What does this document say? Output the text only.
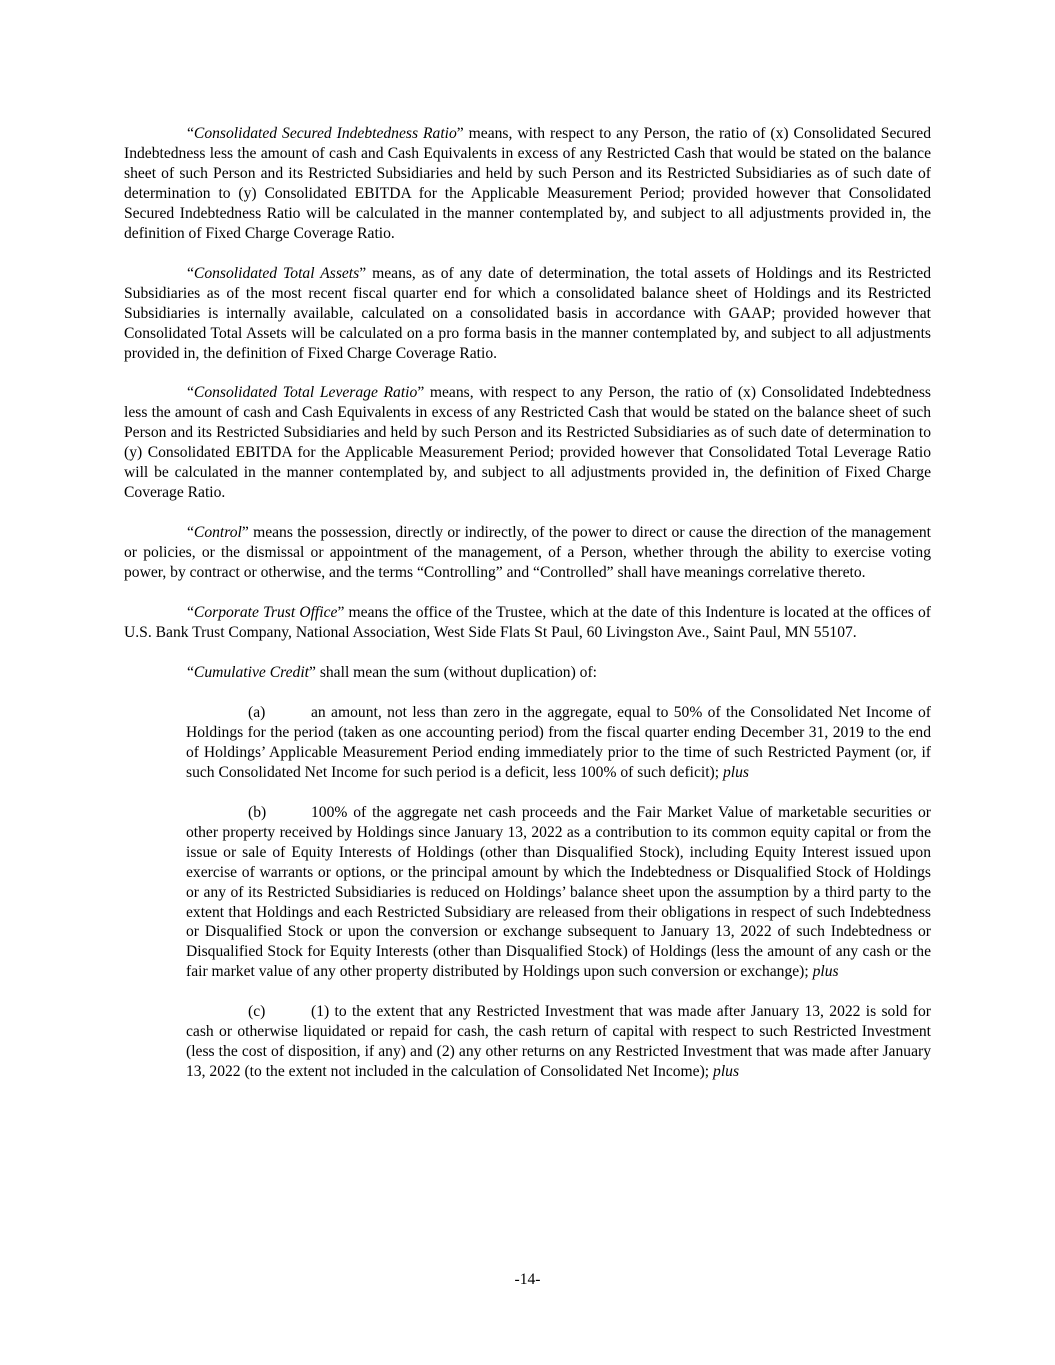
“Consolidated Secured Indebtedness Ratio” means, with respect to any Person, the ratio of (x) Consolidated Secured Indebtedness less the amount of cash and Cash Equivalents in excess of any Restricted Cash that would be stated on the balance sheet of such Person and its Restricted Subsidiaries and held by such Person and its Restricted Subsidiaries as of such date of determination to (y) Consolidated EBITDA for the Applicable Measurement Period; provided however that Consolidated Secured Indebtedness Ratio will be calculated in the manner contemplated by, and subject to all adjustments provided in, the definition of Fixed Charge Coverage Ratio.

“Consolidated Total Assets” means, as of any date of determination, the total assets of Holdings and its Restricted Subsidiaries as of the most recent fiscal quarter end for which a consolidated balance sheet of Holdings and its Restricted Subsidiaries is internally available, calculated on a consolidated basis in accordance with GAAP; provided however that Consolidated Total Assets will be calculated on a pro forma basis in the manner contemplated by, and subject to all adjustments provided in, the definition of Fixed Charge Coverage Ratio.

“Consolidated Total Leverage Ratio” means, with respect to any Person, the ratio of (x) Consolidated Indebtedness less the amount of cash and Cash Equivalents in excess of any Restricted Cash that would be stated on the balance sheet of such Person and its Restricted Subsidiaries and held by such Person and its Restricted Subsidiaries as of such date of determination to (y) Consolidated EBITDA for the Applicable Measurement Period; provided however that Consolidated Total Leverage Ratio will be calculated in the manner contemplated by, and subject to all adjustments provided in, the definition of Fixed Charge Coverage Ratio.

“Control” means the possession, directly or indirectly, of the power to direct or cause the direction of the management or policies, or the dismissal or appointment of the management, of a Person, whether through the ability to exercise voting power, by contract or otherwise, and the terms “Controlling” and “Controlled” shall have meanings correlative thereto.

“Corporate Trust Office” means the office of the Trustee, which at the date of this Indenture is located at the offices of U.S. Bank Trust Company, National Association, West Side Flats St Paul, 60 Livingston Ave., Saint Paul, MN 55107.

“Cumulative Credit” shall mean the sum (without duplication) of:

(a)	an amount, not less than zero in the aggregate, equal to 50% of the Consolidated Net Income of Holdings for the period (taken as one accounting period) from the fiscal quarter ending December 31, 2019 to the end of Holdings’ Applicable Measurement Period ending immediately prior to the time of such Restricted Payment (or, if such Consolidated Net Income for such period is a deficit, less 100% of such deficit); plus

(b)	100% of the aggregate net cash proceeds and the Fair Market Value of marketable securities or other property received by Holdings since January 13, 2022 as a contribution to its common equity capital or from the issue or sale of Equity Interests of Holdings (other than Disqualified Stock), including Equity Interest issued upon exercise of warrants or options, or the principal amount by which the Indebtedness or Disqualified Stock of Holdings or any of its Restricted Subsidiaries is reduced on Holdings’ balance sheet upon the assumption by a third party to the extent that Holdings and each Restricted Subsidiary are released from their obligations in respect of such Indebtedness or Disqualified Stock or upon the conversion or exchange subsequent to January 13, 2022 of such Indebtedness or Disqualified Stock for Equity Interests (other than Disqualified Stock) of Holdings (less the amount of any cash or the fair market value of any other property distributed by Holdings upon such conversion or exchange); plus

(c)	(1) to the extent that any Restricted Investment that was made after January 13, 2022 is sold for cash or otherwise liquidated or repaid for cash, the cash return of capital with respect to such Restricted Investment (less the cost of disposition, if any) and (2) any other returns on any Restricted Investment that was made after January 13, 2022 (to the extent not included in the calculation of Consolidated Net Income); plus

-14-
